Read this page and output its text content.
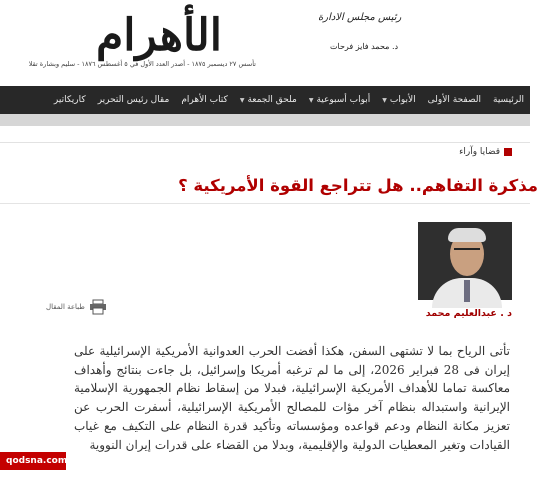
الأهرام
تأسس ٢٧ ديسمبر ١٨٧٥ - أصدر العدد الأول في ٥ أغسطس ١٨٧٦ - سليم وبشارة تقلا
رئيس مجلس الادارة
د. محمد فايز فرحات
الرئيسية
الصفحة الأولى
الأبواب
▼
أبواب أسبوعية
▼
ملحق الجمعة
▼
كتاب الأهرام
مقال رئيس التحرير
كاريكاتير
قضايا وآراء
مذكرة التفاهم.. هل تتراجع القوة الأمريكية ؟
طباعة المقال
د . عبدالعليم محمد

تأتى الرياح بما لا تشتهى السفن، هكذا أفضت الحرب العدوانية الأمريكية الإسرائيلية على إيران فى 28 فبراير 2026، إلى ما لم ترغبه أمريكا وإسرائيل، بل جاءت بنتائج وأهداف معاكسة تماما للأهداف الأمريكية الإسرائيلية، فبدلا من إسقاط نظام الجمهورية الإسلامية الإيرانية واستبداله بنظام آخر مؤات للمصالح الأمريكية الإسرائيلية، أسفرت الحرب عن تعزيز مكانة النظام ودعم قواعده ومؤسساته وتأكيد قدرة النظام على التكيف مع غياب القيادات وتغير المعطيات الدولية والإقليمية، وبدلا من القضاء على قدرات إيران النووية

qodsna.com
